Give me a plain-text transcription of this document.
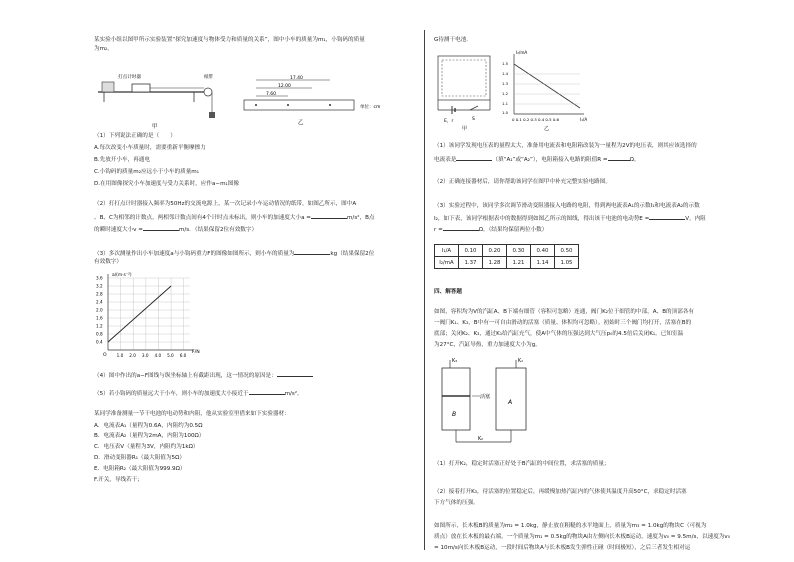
某实验小组以图甲所示实验装置“探究加速度与物体受力和质量的关系”，图中小车的质量为m₁，小钩码的质量
为m₂。
打点计时器
甲
7.60
12.00
17.40
单位：cm
乙
纸带
（1）下列说法正确的是（　　）
A.每次改变小车质量时，需要重新平衡摩擦力
B.先放开小车，再通电
C.小钩码的质量m₂应远小于小车的质量m₁
D.在用图像探究小车加速度与受力关系时，应作a−m₁图像
（2）打打点计时器接入频率为50Hz的交流电源上，某一次记录小车运动情况的纸带，如图乙所示，图中A
、B、C为相邻的计数点，两相邻计数点间有4个计时点未标出，则小车的加速度大小a =	m/s²，B点
的瞬时速度大小v =	m/s．（结果保留2位有效数字）
（3）多次测量作出小车加速度a与小钩码重力F的图像如图所示，则小车的质量为	kg（结果保留2位
有效数字）
1.0 2.0 3.0 4.0 5.0 6.0
0.4
0.8
1.2
1.6
2.0
2.4
2.8
3.2
3.6 a/(m·s⁻²)
F/N
O
（4）图中作出的a−F图线与纵坐标轴上有截距出现，这一情况的原因是：
（5）若小钩码的质量远大于小车，则小车的加速度大小接近于	m/s²。
某同学准备测量一节干电池的电动势和内阻，他从实验室里借来如下实验器材：
A．电流表A₁（量程为0.6A，内阻约为0.5Ω
B．电流表A₂（量程为2mA，内阻为100Ω）
C．电压表V（量程为3V，内阻约为1kΩ）
D．滑动变阻器R₁（最大阻值为5Ω）
E．电阻箱R₂（最大阻值为999.9Ω）
F.开关，导线若干；
G待测干电池.
E，r	S
甲
I₂/mA
1.5
1.4
1.3
1.2
1.1
1.0
0 0.1 0.2 0.3 0.4 0.5 0.6	I₁/A
乙
（1）该同学发现电压表的量程太大，准备用电流表和电阻箱改装为一量程为2V的电压表，则其应该选择的
电流表是	（填“A₁”或“A₂”），电阻箱接入电路的阻值R =	Ω。
（2）正确连接器材后，请你帮助该同学在图甲中补充完整实验电路图。
（3）实验过程中，该同学多次调节滑动变阻器接入电路的电阻，得到两电流表A₁的示数I₁和电流表A₂的示数
I₂，如下表，该同学根据表中的数据得到如图乙所示的图线，得出该干电池的电动势E =	V，内阻
r =	Ω。（结果均保留两位小数）
I₁/A	0.10	0.20	0.30	0.40	0.50
I₂/mA	1.37	1.28	1.21	1.14	1.05
四、解答题
如图，容积均为V的汽缸A、B下端有细管（容积可忽略）连通，阀门K₂位于细管的中部，A、B的顶部各有
一阀门K₁、K₃，B中有一可自由滑动的活塞（质量、体积均可忽略）。初始时三个阀门均打开，活塞在B的
底部；关闭K₂、K₃，通过K₁给汽缸充气，使A中气体的压强达到大气压p₀的4.5倍后关闭K₁。已知室温
为27°C，汽缸导热，重力加速度大小为g。
K₃	K₁
K₂
活塞
B
A
（1）打开K₂，稳定时活塞正好处于B汽缸的中间位置，求活塞的质量；
（2）接着打开K₃，待活塞的位置稳定后，再缓慢加热汽缸内的气体使其温度升高50°C，求稳定时活塞
下方气体的压强。
如图所示，长木板B的质量为m₂ = 1.0kg，静止放在粗糙的水平地面上，质量为m₃ = 1.0kg的物块C（可视为
质点）放在长木板的最右端。一个质量为m₁ = 0.5kg的物块A由左侧向长木板B运动，速度为v₀ = 9.5m/s，以速度为v₀
= 10m/s向长木板B运动，一段时间后物块A与长木板B发生弹性正碰（时间极短），之后三者发生相对运
